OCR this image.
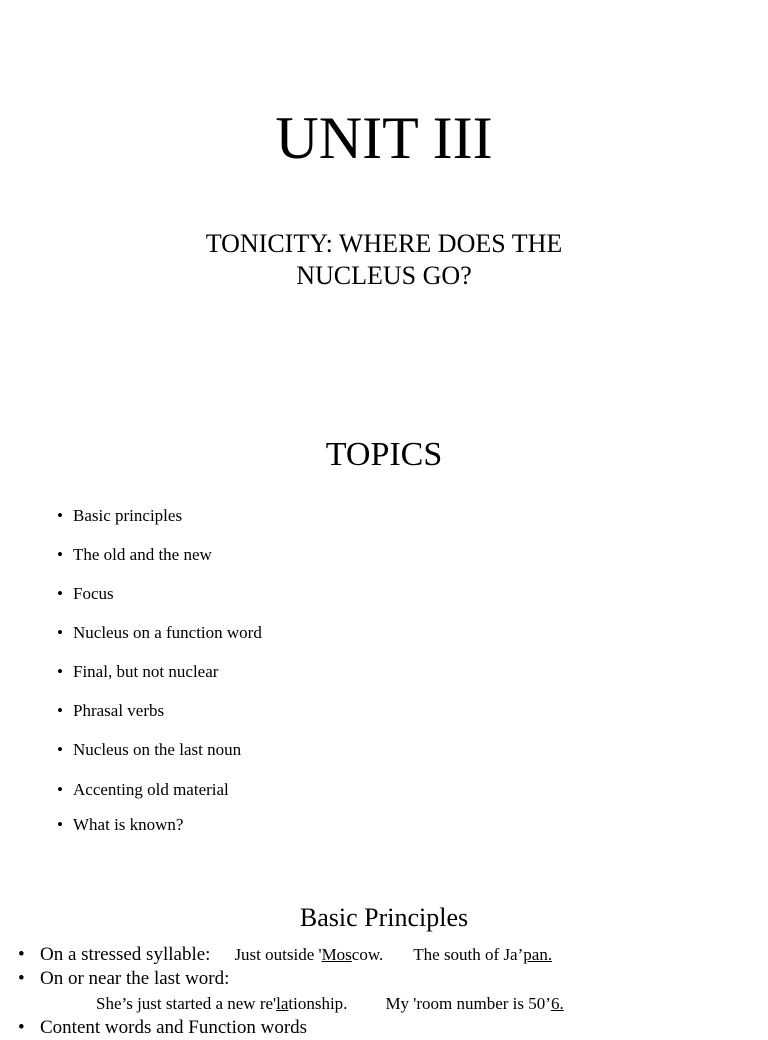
UNIT III
TONICITY: WHERE DOES THE
NUCLEUS GO?
TOPICS
• Basic principles
• The old and the new
• Focus
• Nucleus on a function word
• Final, but not nuclear
• Phrasal verbs
• Nucleus on the last noun
• Accenting old material
• What is known?
Basic Principles
• On a stressed syllable: Just outside 'Moscow. The south of Ja’pan.
• On or near the last word:
She’s just started a new re'lationship. My 'room number is 50’6.
• Content words and Function words
